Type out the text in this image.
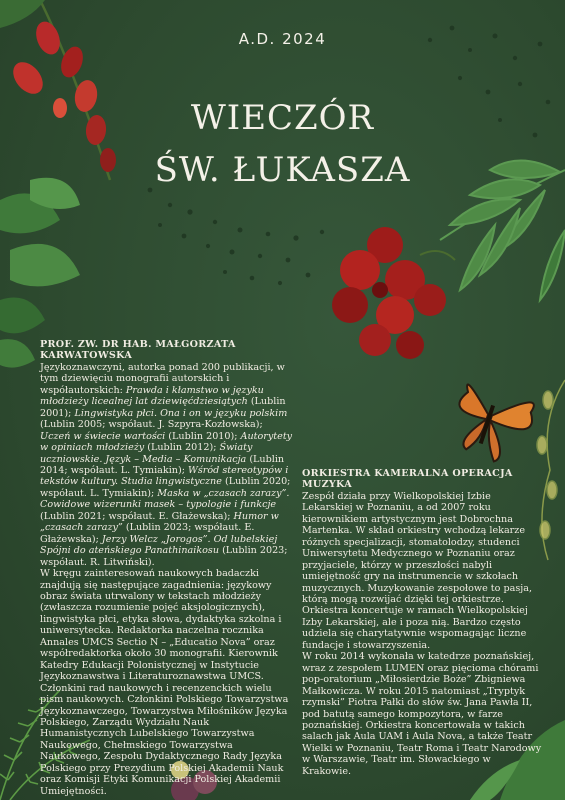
A.D. 2024
WIECZÓR
ŚW. ŁUKASZA

PROF. ZW. DR HAB. MAŁGORZATA KARWATOWSKA

Językoznawczyni, autorka ponad 200 publikacji, w tym dziewięciu monografii autorskich i współautorskich: Prawda i kłamstwo w języku młodzieży licealnej lat dziewięćdziesiątych (Lublin 2001); Lingwistyka płci. Ona i on w języku polskim (Lublin 2005; współaut. J. Szpyra-Kozłowska); Uczeń w świecie wartości (Lublin 2010); Autorytety w opiniach młodzieży (Lublin 2012); Światy uczniowskie. Język – Media – Komunikacja (Lublin 2014; współaut. L. Tymiakin); Wśród stereotypów i tekstów kultury. Studia lingwistyczne (Lublin 2020; współaut. L. Tymiakin); Maska w „czasach zarazy”. Cowidowe wizerunki masek – typologie i funkcje (Lublin 2021; współaut. E. Głażewska); Humor w „czasach zarazy” (Lublin 2023; współaut. E. Głażewska); Jerzy Welcz „Jorogos”. Od lubelskiej Spójni do ateńskiego Panathinaikosu (Lublin 2023; współaut. R. Litwiński).

W kręgu zainteresowań naukowych badaczki znajdują się następujące zagadnienia: językowy obraz świata utrwalony w tekstach młodzieży (zwłaszcza rozumienie pojęć aksjologicznych), lingwistyka płci, etyka słowa, dydaktyka szkolna i uniwersytecka. Redaktorka naczelna rocznika Annales UMCS Sectio N – „Educatio Nova” oraz współredaktorka około 30 monografii. Kierownik Katedry Edukacji Polonistycznej w Instytucie Językoznawstwa i Literaturoznawstwa UMCS. Członkini rad naukowych i recenzenckich wielu pism naukowych. Członkini Polskiego Towarzystwa Językoznawczego, Towarzystwa Miłośników Języka Polskiego, Zarządu Wydziału Nauk Humanistycznych Lubelskiego Towarzystwa Naukowego, Chełmskiego Towarzystwa Naukowego, Zespołu Dydaktycznego Rady Języka Polskiego przy Prezydium Polskiej Akademii Nauk oraz Komisji Etyki Komunikacji Polskiej Akademii Umiejętności.

ORKIESTRA KAMERALNA OPERACJA MUZYKA

Zespół działa przy Wielkopolskiej Izbie Lekarskiej w Poznaniu, a od 2007 roku kierownikiem artystycznym jest Dobrochna Martenka. W skład orkiestry wchodzą lekarze różnych specjalizacji, stomatolodzy, studenci Uniwersytetu Medycznego w Poznaniu oraz przyjaciele, którzy w przeszłości nabyli umiejętność gry na instrumencie w szkołach muzycznych. Muzykowanie zespołowe to pasja, którą mogą rozwijać dzięki tej orkiestrze. Orkiestra koncertuje w ramach Wielkopolskiej Izby Lekarskiej, ale i poza nią. Bardzo często udziela się charytatywnie wspomagając liczne fundacje i stowarzyszenia.

W roku 2014 wykonała w katedrze poznańskiej, wraz z zespołem LUMEN oraz pięcioma chórami pop-oratorium „Miłosierdzie Boże” Zbigniewa Małkowicza. W roku 2015 natomiast „Tryptyk rzymski” Piotra Pałki do słów św. Jana Pawła II, pod batutą samego kompozytora, w farze poznańskiej. Orkiestra koncertowała w takich salach jak Aula UAM i Aula Nova, a także Teatr Wielki w Poznaniu, Teatr Roma i Teatr Narodowy w Warszawie, Teatr im. Słowackiego w Krakowie.
